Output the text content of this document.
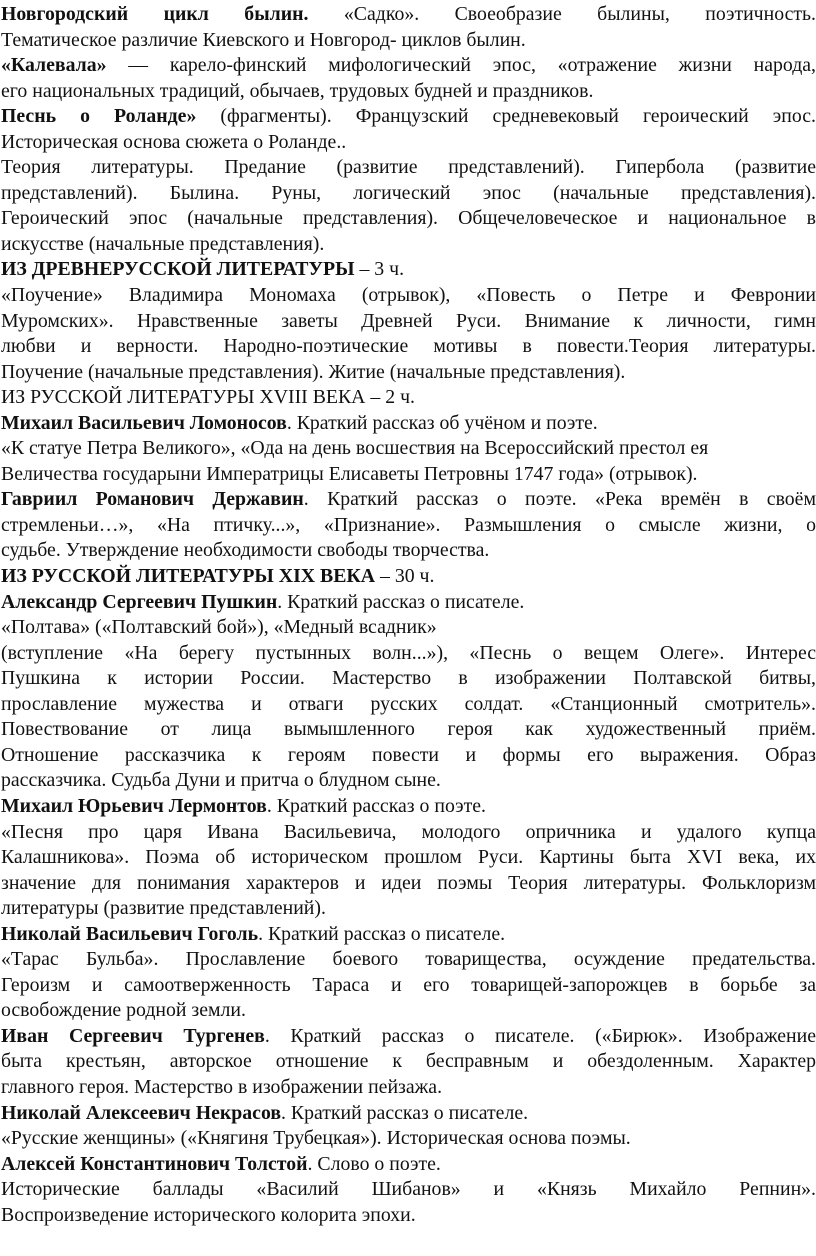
Новгородский цикл былин. «Садко». Своеобразие былины, поэтичность.
Тематическое различие Киевского и Новгород- циклов былин.
«Калевала» — карело-финский мифологический эпос, «отражение жизни народа,
его национальных традиций, обычаев, трудовых будней и праздников.
Песнь о Роланде» (фрагменты). Французский средневековый героический эпос.
Историческая основа сюжета о Роланде..
Теория литературы. Предание (развитие представлений). Гипербола (развитие
представлений). Былина. Руны, логический эпос (начальные представления).
Героический эпос (начальные представления). Общечеловеческое и национальное в
искусстве (начальные представления).
ИЗ ДРЕВНЕРУССКОЙ ЛИТЕРАТУРЫ – 3 ч.
«Поучение» Владимира Мономаха (отрывок), «Повесть о Петре и Февронии
Муромских». Нравственные заветы Древней Руси. Внимание к личности, гимн
любви и верности. Народно-поэтические мотивы в повести.Теория литературы.
Поучение (начальные представления). Житие (начальные представления).
ИЗ РУССКОЙ ЛИТЕРАТУРЫ XVIII ВЕКА – 2 ч.
Михаил Васильевич Ломоносов. Краткий рассказ об учёном и поэте.
«К статуе Петра Великого», «Ода на день восшествия на Всероссийский престол ея
Величества государыни Императрицы Елисаветы Петровны 1747 года» (отрывок).
Гавриил Романович Державин. Краткий рассказ о поэте. «Река времён в своём
стремленьи…», «На птичку...», «Признание». Размышления о смысле жизни, о
судьбе. Утверждение необходимости свободы творчества.
ИЗ РУССКОЙ ЛИТЕРАТУРЫ XIX ВЕКА – 30 ч.
Александр Сергеевич Пушкин. Краткий рассказ о писателе.
«Полтава» («Полтавский бой»), «Медный всадник»
(вступление «На берегу пустынных волн...»), «Песнь о вещем Олеге». Интерес
Пушкина к истории России. Мастерство в изображении Полтавской битвы,
прославление мужества и отваги русских солдат. «Станционный смотритель».
Повествование от лица вымышленного героя как художественный приём.
Отношение рассказчика к героям повести и формы его выражения. Образ
рассказчика. Судьба Дуни и притча о блудном сыне.
Михаил Юрьевич Лермонтов. Краткий рассказ о поэте.
«Песня про царя Ивана Васильевича, молодого опричника и удалого купца
Калашникова». Поэма об историческом прошлом Руси. Картины быта XVI века, их
значение для понимания характеров и идеи поэмы Теория литературы. Фольклоризм
литературы (развитие представлений).
Николай Васильевич Гоголь. Краткий рассказ о писателе.
«Тарас Бульба». Прославление боевого товарищества, осуждение предательства.
Героизм и самоотверженность Тараса и его товарищей-запорожцев в борьбе за
освобождение родной земли.
Иван Сергеевич Тургенев. Краткий рассказ о писателе. («Бирюк». Изображение
быта крестьян, авторское отношение к бесправным и обездоленным. Характер
главного героя. Мастерство в изображении пейзажа.
Николай Алексеевич Некрасов. Краткий рассказ о писателе.
«Русские женщины» («Княгиня Трубецкая»). Историческая основа поэмы.
Алексей Константинович Толстой. Слово о поэте.
Исторические баллады «Василий Шибанов» и «Князь Михайло Репнин».
Воспроизведение исторического колорита эпохи.
